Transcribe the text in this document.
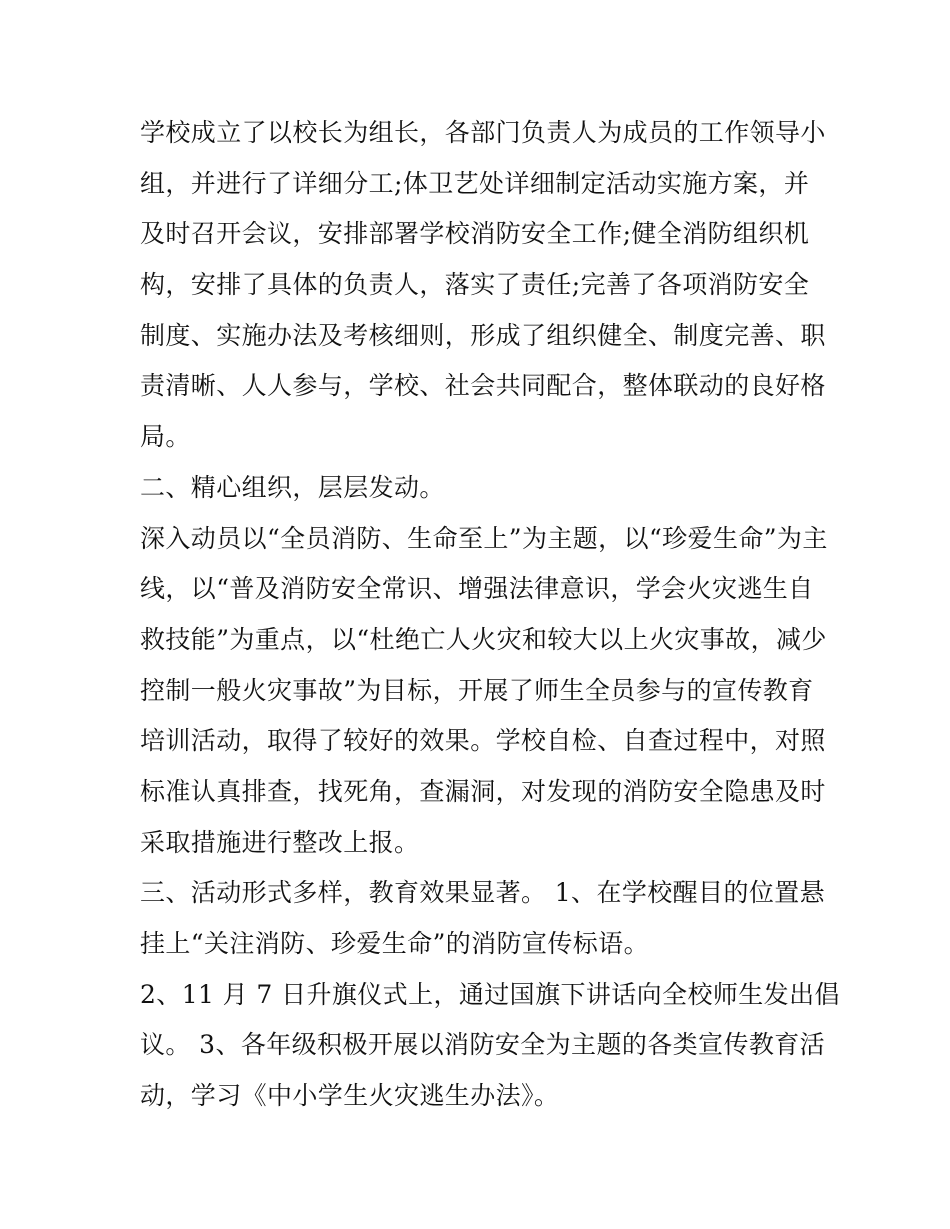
学校成立了以校长为组长，各部门负责人为成员的工作领导小
组，并进行了详细分工;体卫艺处详细制定活动实施方案，并
及时召开会议，安排部署学校消防安全工作;健全消防组织机
构，安排了具体的负责人，落实了责任;完善了各项消防安全
制度、实施办法及考核细则，形成了组织健全、制度完善、职
责清晰、人人参与，学校、社会共同配合，整体联动的良好格
局。
二、精心组织，层层发动。
深入动员以“全员消防、生命至上”为主题，以“珍爱生命”为主
线，以“普及消防安全常识、增强法律意识，学会火灾逃生自
救技能”为重点，以“杜绝亡人火灾和较大以上火灾事故，减少
控制一般火灾事故”为目标，开展了师生全员参与的宣传教育
培训活动，取得了较好的效果。学校自检、自查过程中，对照
标准认真排查，找死角，查漏洞，对发现的消防安全隐患及时
采取措施进行整改上报。
三、活动形式多样，教育效果显著。 1、在学校醒目的位置悬
挂上“关注消防、珍爱生命”的消防宣传标语。
2、11 月 7 日升旗仪式上，通过国旗下讲话向全校师生发出倡
议。 3、各年级积极开展以消防安全为主题的各类宣传教育活
动，学习《中小学生火灾逃生办法》。
